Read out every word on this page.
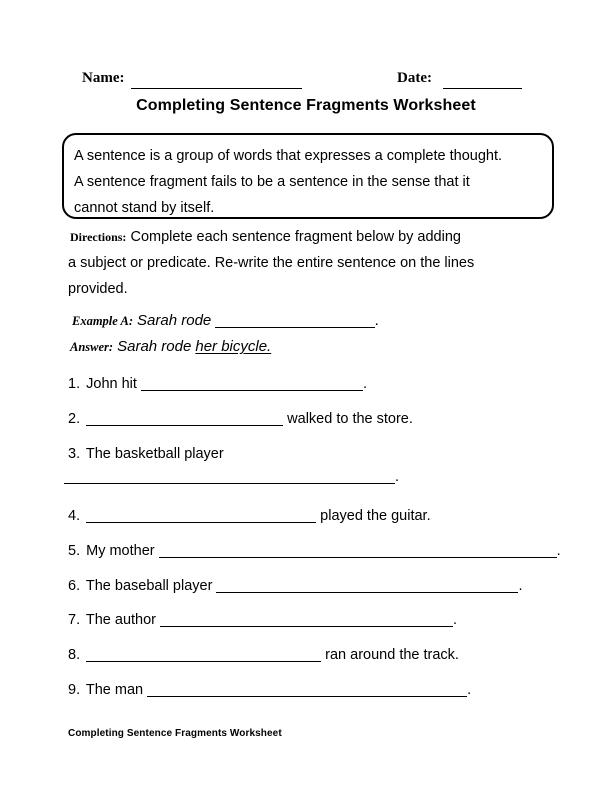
Name:	Date:
Completing Sentence Fragments Worksheet
A sentence is a group of words that expresses a complete thought.
A sentence fragment fails to be a sentence in the sense that it
cannot stand by itself.
Directions: Complete each sentence fragment below by adding
a subject or predicate. Re-write the entire sentence on the lines
provided.
Example A: Sarah rode	.
Answer: Sarah rode her bicycle.
1. John hit	.
2.	walked to the store.
3. The basketball player
.
4.	played the guitar.
5. My mother	.
6. The baseball player	.
7. The author	.
8.	ran around the track.
9. The man	.
Completing Sentence Fragments Worksheet
